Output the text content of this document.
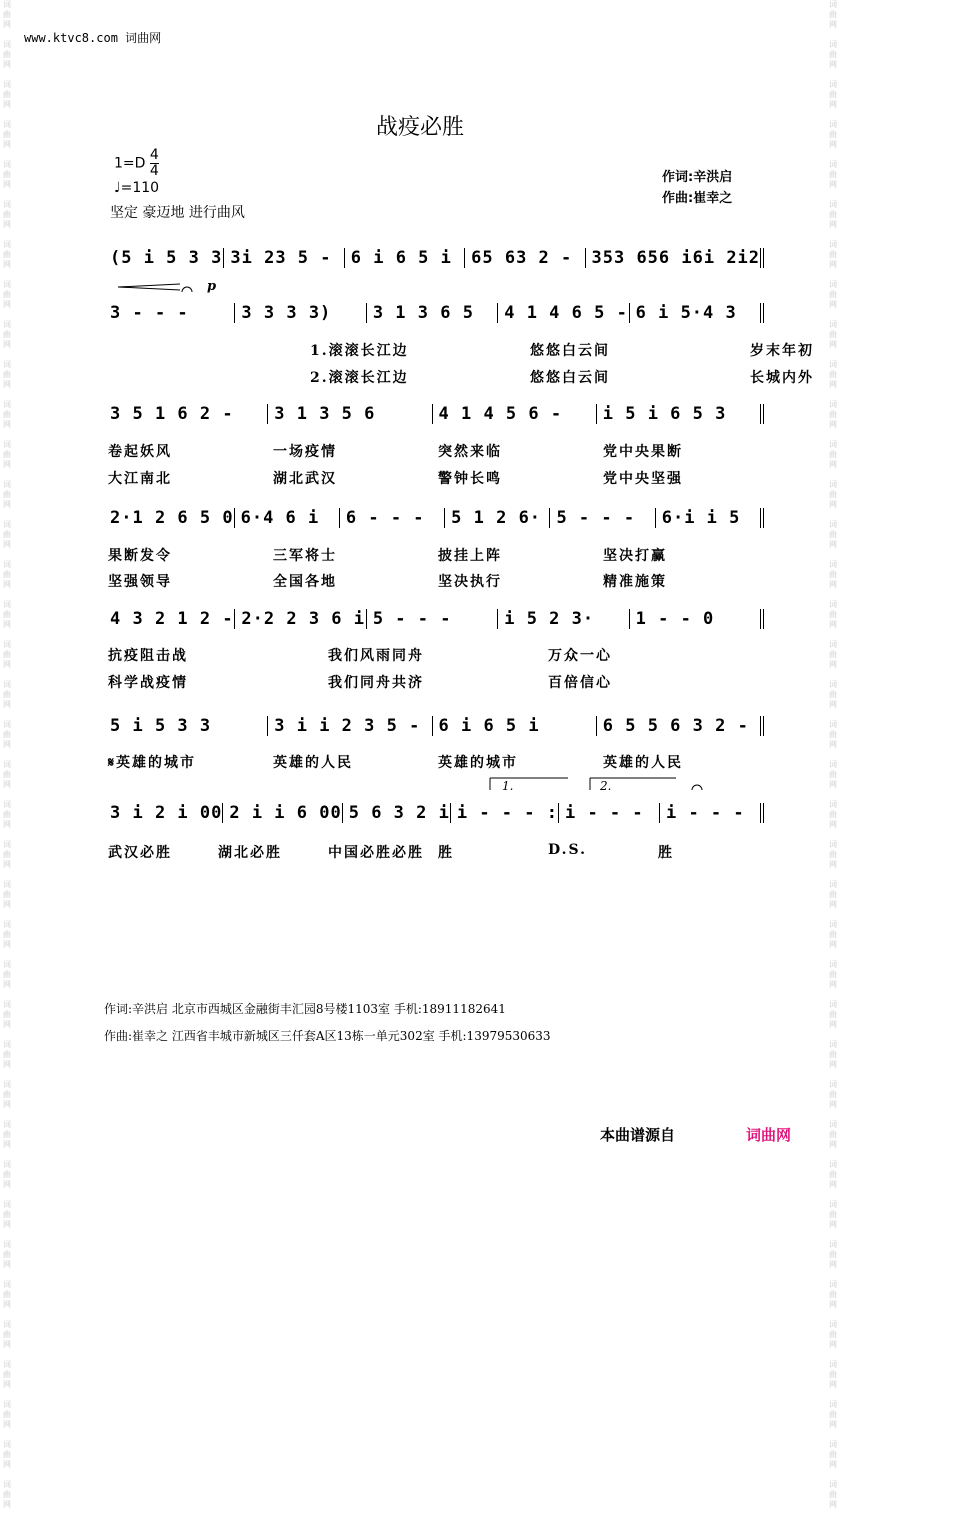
词曲网

词曲网

词曲网

词曲网

词曲网

词曲网

词曲网

词曲网

词曲网

词曲网

词曲网

词曲网

词曲网

词曲网

词曲网

词曲网

词曲网

词曲网

词曲网

词曲网

词曲网

词曲网

词曲网

词曲网

词曲网

词曲网

词曲网

词曲网

词曲网

词曲网

词曲网

词曲网

词曲网

词曲网

词曲网

词曲网

词曲网

词曲网

词曲网

词曲网

词曲网

词曲网

词曲网

词曲网

词曲网

词曲网

词曲网

词曲网

词曲网

词曲网

词曲网

词曲网

词曲网

词曲网

词曲网

词曲网

词曲网

词曲网

词曲网

词曲网

词曲网

词曲网

词曲网

词曲网

词曲网

词曲网

词曲网

词曲网

词曲网

词曲网

词曲网

词曲网

词曲网

词曲网

词曲网

词曲网

www.ktvc8.com 词曲网
战疫必胜
$1=D \frac{4}{4}$
♩=110
坚定 豪迈地 进行曲风
作词:辛洪启
作曲:崔幸之
(5 i 5 3 3 3i 23 5 -	6 i 6 5 i	65 63 2 -	353 656 i6i 2i2
3 - - -	3 3 3 3)	3 1 3 6 5	4 1 4 6 5 - 6 i 5·4 3
3 5 1 6 2 -	3 1 3 5 6	4 1 4 5 6 -	i 5 i 6 5 3
2·1 2 6 5 0 6·4 6 i	6 - - -	5 1 2 6· 5 - - -	6·i i 5
4 3 2 1 2 - 2·2 2 3 6 i 5 - - -	i 5 2 3·	1 - - 0
5 i 5 3 3	3 i i 2 3 5 -	6 i 6 5 i	6 5 5 6 3 2 -
3 i 2 i 00 2 i i 6 00 5 6 3 2 i i - - - : i - - -	i - - -
1.滚滚长江边	悠悠白云间	岁末年初
2.滚滚长江边	悠悠白云间	长城内外
卷起妖风	一场疫情	突然来临	党中央果断
大江南北	湖北武汉	警钟长鸣	党中央坚强
果断发令	三军将士	披挂上阵	坚决打赢
坚强领导	全国各地	坚决执行	精准施策
抗疫阻击战	我们风雨同舟	万众一心
科学战疫情	我们同舟共济	百倍信心
𝄋英雄的城市	英雄的人民	英雄的城市	英雄的人民
武汉必胜	湖北必胜	中国必胜必胜	胜	D.S.	胜
p
1.	2.
作词:辛洪启 北京市西城区金融街丰汇园8号楼1103室 手机:18911182641
作曲:崔幸之 江西省丰城市新城区三仟套A区13栋一单元302室 手机:13979530633
本曲谱源自	词曲网
